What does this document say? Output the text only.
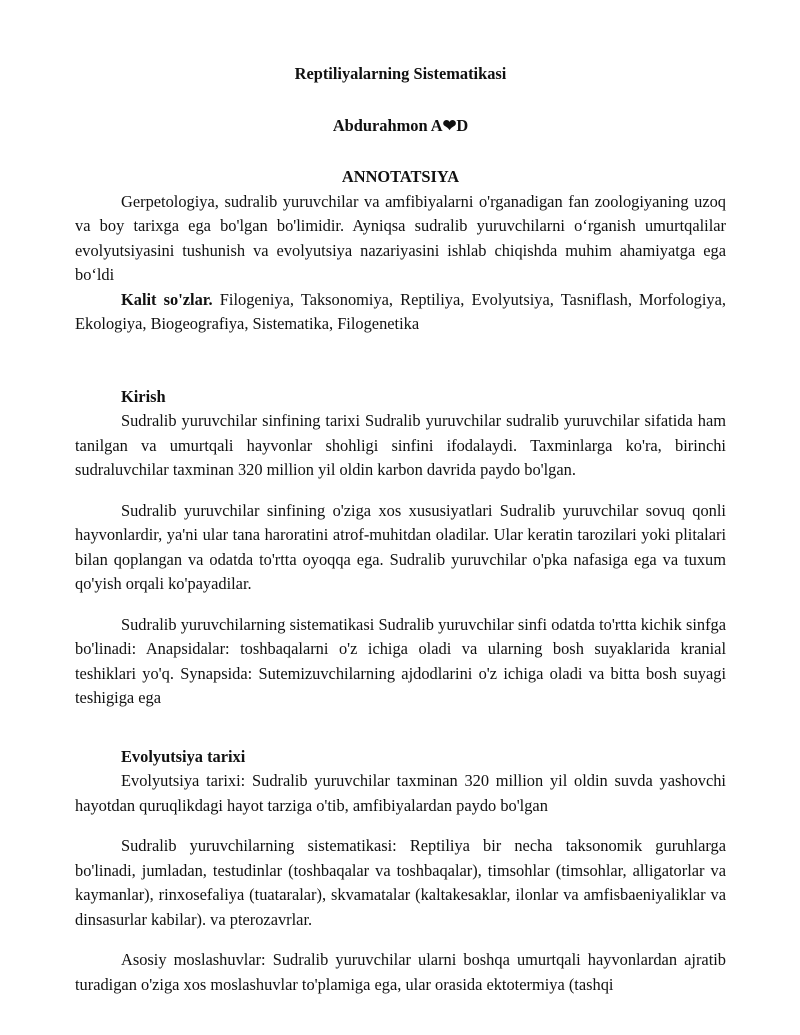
Reptiliyalarning Sistematikasi
Abdurahmon A❤D
ANNOTATSIYA

Gerpetologiya, sudralib yuruvchilar va amfibiyalarni o'rganadigan fan zoologiyaning uzoq va boy tarixga ega bo'lgan bo'limidir. Ayniqsa sudralib yuruvchilarni o‘rganish umurtqalilar evolyutsiyasini tushunish va evolyutsiya nazariyasini ishlab chiqishda muhim ahamiyatga ega bo‘ldi

Kalit so'zlar. Filogeniya, Taksonomiya, Reptiliya, Evolyutsiya, Tasniflash, Morfologiya, Ekologiya, Biogeografiya, Sistematika, Filogenetika

Kirish

Sudralib yuruvchilar sinfining tarixi Sudralib yuruvchilar sudralib yuruvchilar sifatida ham tanilgan va umurtqali hayvonlar shohligi sinfini ifodalaydi. Taxminlarga ko'ra, birinchi sudraluvchilar taxminan 320 million yil oldin karbon davrida paydo bo'lgan.

Sudralib yuruvchilar sinfining o'ziga xos xususiyatlari Sudralib yuruvchilar sovuq qonli hayvonlardir, ya'ni ular tana haroratini atrof-muhitdan oladilar. Ular keratin tarozilari yoki plitalari bilan qoplangan va odatda to'rtta oyoqqa ega. Sudralib yuruvchilar o'pka nafasiga ega va tuxum qo'yish orqali ko'payadilar.

Sudralib yuruvchilarning sistematikasi Sudralib yuruvchilar sinfi odatda to'rtta kichik sinfga bo'linadi: Anapsidalar: toshbaqalarni o'z ichiga oladi va ularning bosh suyaklarida kranial teshiklari yo'q. Synapsida: Sutemizuvchilarning ajdodlarini o'z ichiga oladi va bitta bosh suyagi teshigiga ega

Evolyutsiya tarixi

Evolyutsiya tarixi: Sudralib yuruvchilar taxminan 320 million yil oldin suvda yashovchi hayotdan quruqlikdagi hayot tarziga o'tib, amfibiyalardan paydo bo'lgan

Sudralib yuruvchilarning sistematikasi: Reptiliya bir necha taksonomik guruhlarga bo'linadi, jumladan, testudinlar (toshbaqalar va toshbaqalar), timsohlar (timsohlar, alligatorlar va kaymanlar), rinxosefaliya (tuataralar), skvamatalar (kaltakesaklar, ilonlar va amfisbaeniyaliklar va dinsasurlar kabilar). va pterozavrlar.

Asosiy moslashuvlar: Sudralib yuruvchilar ularni boshqa umurtqali hayvonlardan ajratib turadigan o'ziga xos moslashuvlar to'plamiga ega, ular orasida ektotermiya (tashqi
